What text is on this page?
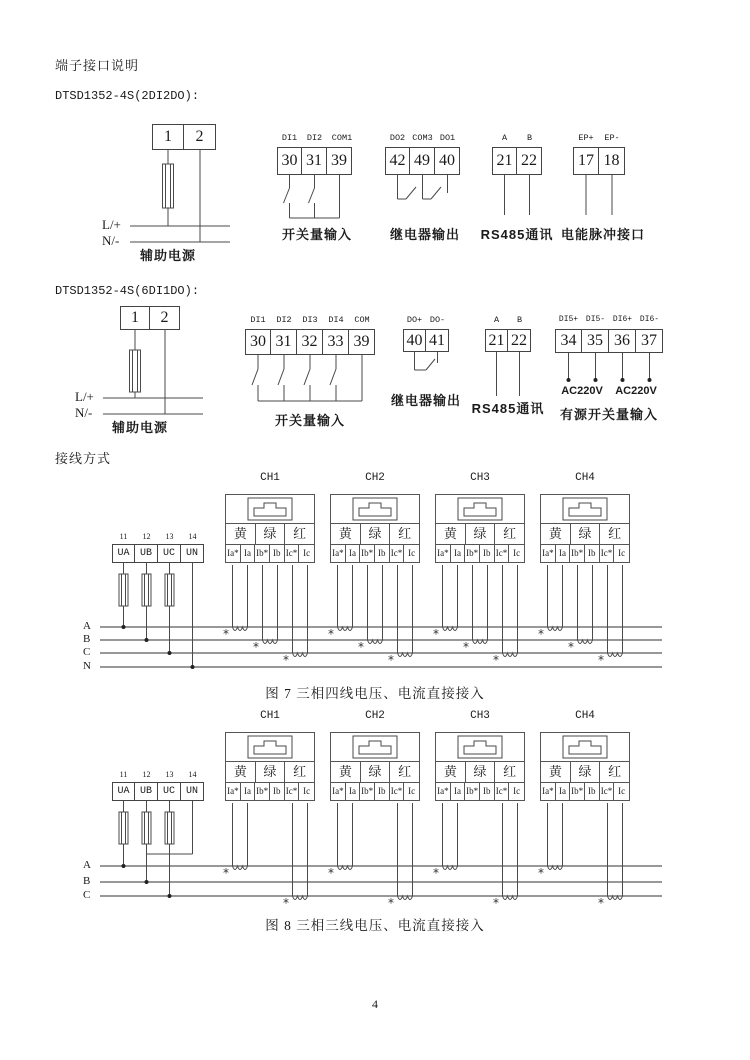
端子接口说明
DTSD1352-4S(2DI2DO):
1	2
L/+
N/-
辅助电源
DI1	DI2	COM1
30 31 39
开关量输入
DO2 COM3 DO1
42 49 40
继电器输出
A	B
21 22
RS485通讯
EP+	EP-
17 18
电能脉冲接口
DTSD1352-4S(6DI1DO):
1	2
L/+
N/-
辅助电源
DI1	DI2	DI3	DI4	COM
30 31 32 33 39
开关量输入
DO+ DO-
40 41
继电器输出
A	B
21 22
RS485通讯
DI5+ DI5- DI6+ DI6-
34 35 36 37
AC220V	AC220V
有源开关量输入
接线方式
*
*
*
*
*
*
*
*
*
*
*
*
CH1
黄	绿	红
Ia* Ia Ib* Ib Ic* Ic
CH2
黄	绿	红
Ia* Ia Ib* Ib Ic* Ic
CH3
黄	绿	红
Ia* Ia Ib* Ib Ic* Ic
CH4
黄	绿	红
Ia* Ia Ib* Ib Ic* Ic
11	12	13	14
UA	UB	UC	UN
A
B
C
N
图 7 三相四线电压、电流直接接入
*
*
*
*
*
*
*
*
CH1
黄	绿	红
Ia* Ia Ib* Ib Ic* Ic
CH2
黄	绿	红
Ia* Ia Ib* Ib Ic* Ic
CH3
黄	绿	红
Ia* Ia Ib* Ib Ic* Ic
CH4
黄	绿	红
Ia* Ia Ib* Ib Ic* Ic
11	12	13	14
UA	UB	UC	UN
A
B
C
图 8 三相三线电压、电流直接接入
4
